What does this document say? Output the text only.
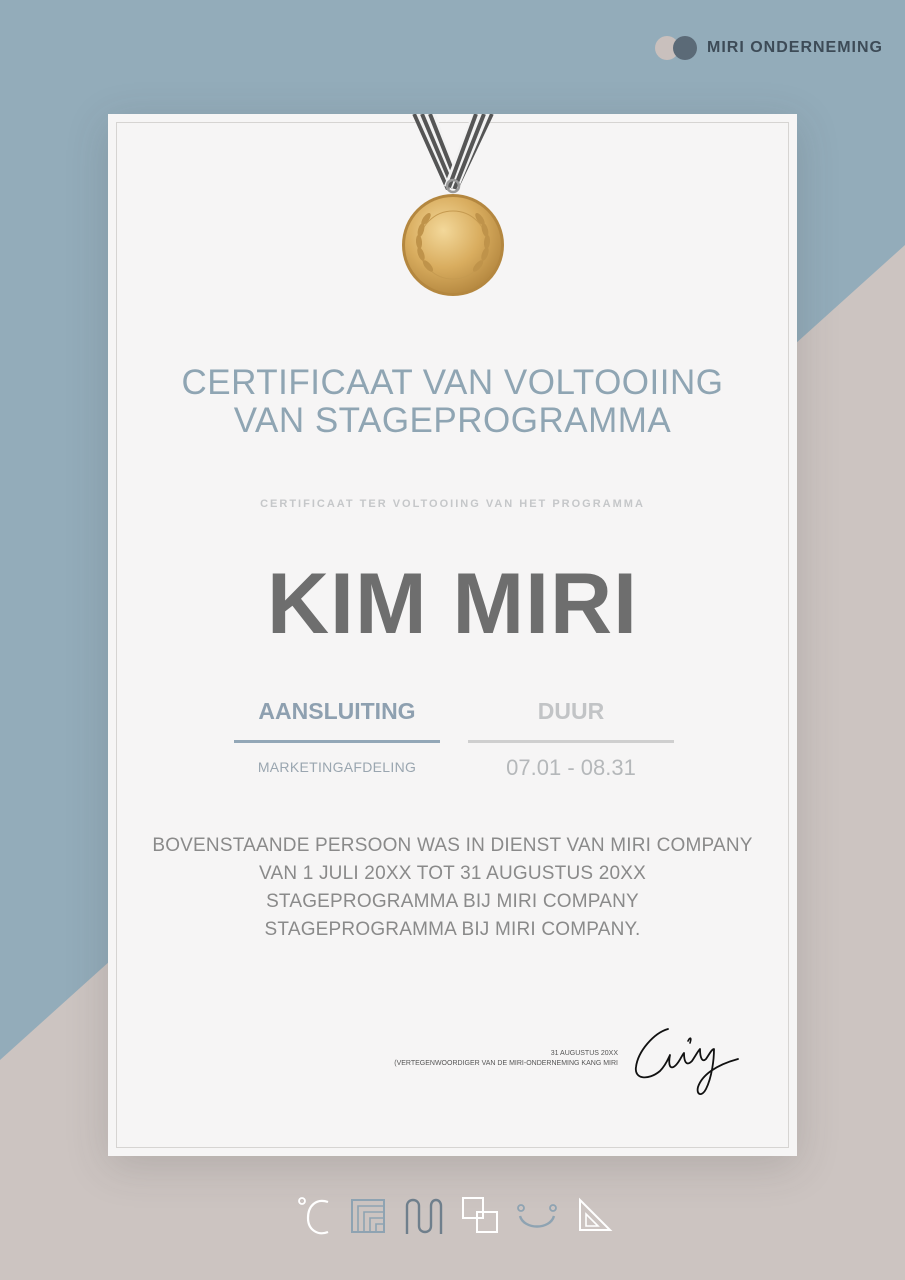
MIRI ONDERNEMING
CERTIFICAAT VAN VOLTOOIING
VAN STAGEPROGRAMMA
CERTIFICAAT TER VOLTOOIING VAN HET PROGRAMMA
KIM MIRI
AANSLUITING
MARKETINGAFDELING
DUUR
07.01 - 08.31
BOVENSTAANDE PERSOON WAS IN DIENST VAN MIRI COMPANY
VAN 1 JULI 20XX TOT 31 AUGUSTUS 20XX
STAGEPROGRAMMA BIJ MIRI COMPANY
STAGEPROGRAMMA BIJ MIRI COMPANY.
31 AUGUSTUS 20XX
(VERTEGENWOORDIGER VAN DE MIRI-ONDERNEMING KANG MIRI
